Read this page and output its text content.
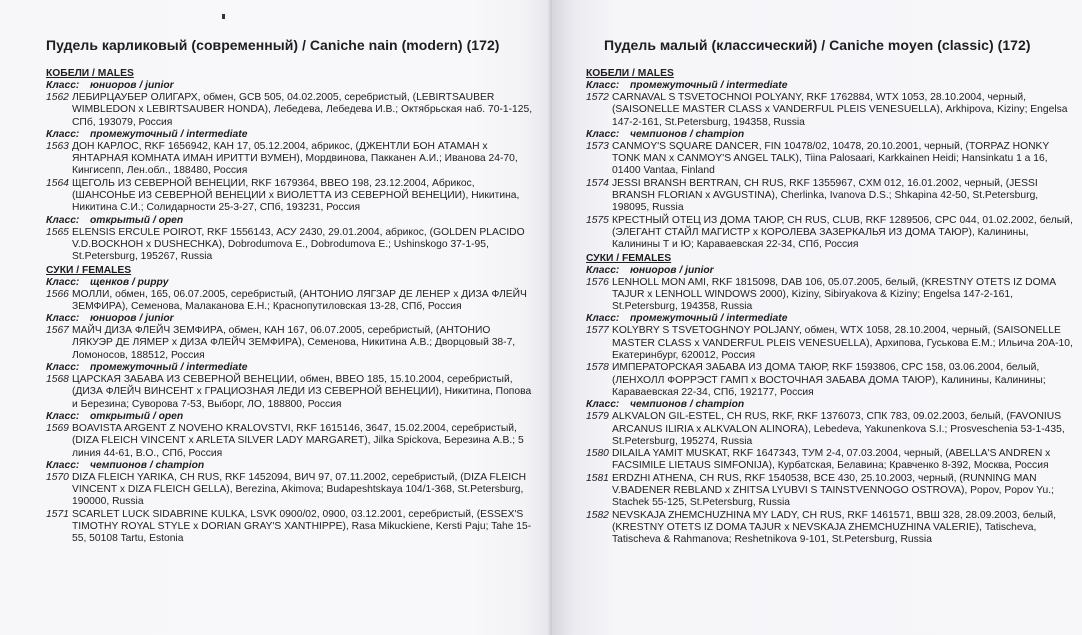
Пудель карликовый (современный) / Caniche nain (modern) (172)
КОБЕЛИ / MALES
Класс: юниоров / junior
1562 ЛЕБИРЦАУБЕР ОЛИГАРХ, обмен, GCB 505, 04.02.2005, серебристый, (LEBIRTSAUBER WIMBLEDON x LEBIRTSAUBER HONDA), Лебедева, Лебедева И.В.; Октябрьская наб. 70-1-125, СПб, 193079, Россия
Класс: промежуточный / intermediate
1563 ДОН КАРЛОС, RKF 1656942, КАН 17, 05.12.2004, абрикос, (ДЖЕНТЛИ БОН АТАМАН x ЯНТАРНАЯ КОМНАТА ИМАН ИРИТТИ ВУМЕН), Мордвинова, Пакканен А.И.; Иванова 24-70, Кингисепп, Лен.обл., 188480, Россия
1564 ЩЕГОЛЬ ИЗ СЕВЕРНОЙ ВЕНЕЦИИ, RKF 1679364, ВВЕО 198, 23.12.2004, Абрикос, (ШАНСОНЬЕ ИЗ СЕВЕРНОЙ ВЕНЕЦИИ x ВИОЛЕТТА ИЗ СЕВЕРНОЙ ВЕНЕЦИИ), Никитина, Никитина С.И.; Солидарности 25-3-27, СПб, 193231, Россия
Класс: открытый / open
1565 ELENSIS ERCULE POIROT, RKF 1556143, АСУ 2430, 29.01.2004, абрикос, (GOLDEN PLACIDO V.D.BOCKHOH x DUSHECHKA), Dobrodumova E., Dobrodumova E.; Ushinskogo 37-1-95, St.Petersburg, 195267, Russia
СУКИ / FEMALES
Класс: щенков / puppy
1566 МОЛЛИ, обмен, 165, 06.07.2005, серебристый, (АНТОНИО ЛЯГЗАР ДЕ ЛЕНЕР x ДИЗА ФЛЕЙЧ ЗЕМФИРА), Семенова, Малаканова Е.Н.; Краснопутиловская 13-28, СПб, Россия
Класс: юниоров / junior
1567 МАЙЧ ДИЗА ФЛЕЙЧ ЗЕМФИРА, обмен, КАН 167, 06.07.2005, серебристый, (АНТОНИО ЛЯКУЭР ДЕ ЛЯМЕР x ДИЗА ФЛЕЙЧ ЗЕМФИРА), Семенова, Никитина А.В.; Дворцовый 38-7, Ломоносов, 188512, Россия
Класс: промежуточный / intermediate
1568 ЦАРСКАЯ ЗАБАВА ИЗ СЕВЕРНОЙ ВЕНЕЦИИ, обмен, ВВЕО 185, 15.10.2004, серебристый, (ДИЗА ФЛЕЙЧ ВИНСЕНТ x ГРАЦИОЗНАЯ ЛЕДИ ИЗ СЕВЕРНОЙ ВЕНЕЦИИ), Никитина, Попова и Березина; Суворова 7-53, Выборг, ЛО, 188800, Россия
Класс: открытый / open
1569 BOAVISTA ARGENT Z NOVEHO KRALOVSTVI, RKF 1615146, 3647, 15.02.2004, серебристый, (DIZA FLEICH VINCENT x ARLETA SILVER LADY MARGARET), Jilka Spickova, Березина А.В.; 5 линия 44-61, В.О., СПб, Россия
Класс: чемпионов / champion
1570 DIZA FLEICH YARIKA, CH RUS, RKF 1452094, ВИЧ 97, 07.11.2002, серебристый, (DIZA FLEICH VINCENT x DIZA FLEICH GELLA), Berezina, Akimova; Budapeshtskaya 104/1-368, St.Petersburg, 190000, Russia
1571 SCARLET LUCK SIDABRINE KULKA, LSVK 0900/02, 0900, 03.12.2001, серебристый, (ESSEX'S TIMOTHY ROYAL STYLE x DORIAN GRAY'S XANTHIPPE), Rasa Mikuckiene, Kersti Paju; Tahe 15-55, 50108 Tartu, Estonia
Пудель малый (классический) / Caniche moyen (classic) (172)
КОБЕЛИ / MALES
Класс: промежуточный / intermediate
1572 CARNAVAL S TSVETOCHNOI POLYANY, RKF 1762884, WTX 1053, 28.10.2004, черный, (SAISONELLE MASTER CLASS x VANDERFUL PLEIS VENESUELLA), Arkhipova, Kiziny; Engelsa 147-2-161, St.Petersburg, 194358, Russia
Класс: чемпионов / champion
1573 CANMOY'S SQUARE DANCER, FIN 10478/02, 10478, 20.10.2001, черный, (TORPAZ HONKY TONK MAN x CANMOY'S ANGEL TALK), Tiina Palosaari, Karkkainen Heidi; Hansinkatu 1 a 16, 01400 Vantaa, Finland
1574 JESSI BRANSH BERTRAN, CH RUS, RKF 1355967, CXM 012, 16.01.2002, черный, (JESSI BRANSH FLORIAN x AVGUSTINA), Cherlinka, Ivanova D.S.; Shkapina 42-50, St.Petersburg, 198095, Russia
1575 КРЕСТНЫЙ ОТЕЦ ИЗ ДОМА ТАЮР, CH RUS, CLUB, RKF 1289506, CPC 044, 01.02.2002, белый, (ЭЛЕГАНТ СТАЙЛ МАГИСТР x КОРОЛЕВА ЗАЗЕРКАЛЬЯ ИЗ ДОМА ТАЮР), Калинины, Калинины Т и Ю; Караваевская 22-34, СПб, Россия
СУКИ / FEMALES
Класс: юниоров / junior
1576 LENHOLL MON AMI, RKF 1815098, DAB 106, 05.07.2005, белый, (KRESTNY OTETS IZ DOMA TAJUR x LENHOLL WINDOWS 2000), Kiziny, Sibiryakova & Kiziny; Engelsa 147-2-161, St.Petersburg, 194358, Russia
Класс: промежуточный / intermediate
1577 KOLYBRY S TSVETOGHNOY POLJANY, обмен, WTX 1058, 28.10.2004, черный, (SAISONELLE MASTER CLASS x VANDERFUL PLEIS VENESUELLA), Архипова, Гуськова Е.М.; Ильича 20А-10, Екатеринбург, 620012, Россия
1578 ИМПЕРАТОРСКАЯ ЗАБАВА ИЗ ДОМА ТАЮР, RKF 1593806, CPC 158, 03.06.2004, белый, (ЛЕНХОЛЛ ФОРРЭСТ ГАМП x ВОСТОЧНАЯ ЗАБАВА ДОМА ТАЮР), Калинины, Калинины; Караваевская 22-34, СПб, 192177, Россия
Класс: чемпионов / champion
1579 ALKVALON GIL-ESTEL, CH RUS, RKF, RKF 1376073, СПК 783, 09.02.2003, белый, (FAVONIUS ARCANUS ILIRIA x ALKVALON ALINORA), Lebedeva, Yakunenkova S.I.; Prosveschenia 53-1-435, St.Petersburg, 195274, Russia
1580 DILAILA YAMIT MUSKAT, RKF 1647343, ТУМ 2-4, 07.03.2004, черный, (ABELLA'S ANDREN x FACSIMILE LIETAUS SIMFONIJA), Курбатская, Белавина; Кравченко 8-392, Москва, Россия
1581 ERDZHI ATHENA, CH RUS, RKF 1540538, BCE 430, 25.10.2003, черный, (RUNNING MAN V.BADENER REBLAND x ZHITSA LYUBVI S TAINSTVENNOGO OSTROVA), Popov, Popov Yu.; Stachek 55-125, St.Petersburg, Russia
1582 NEVSKAJA ZHEMCHUZHINA MY LADY, CH RUS, RKF 1461571, ВВШ 328, 28.09.2003, белый, (KRESTNY OTETS IZ DOMA TAJUR x NEVSKAJA ZHEMCHUZHINA VALERIE), Tatischeva, Tatischeva & Rahmanova; Reshetnikova 9-101, St.Petersburg, Russia
